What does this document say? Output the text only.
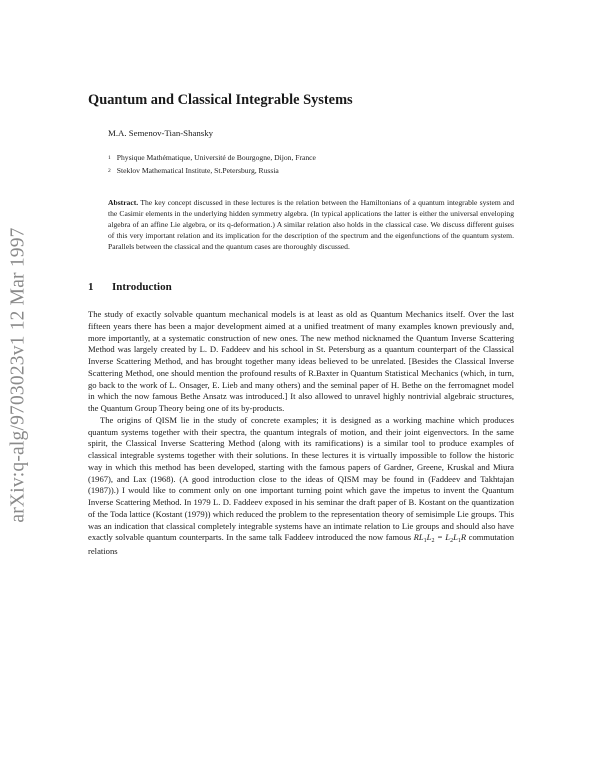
arXiv:q-alg/9703023v1 12 Mar 1997
Quantum and Classical Integrable Systems
M.A. Semenov-Tian-Shansky
$^1$ Physique Mathématique, Université de Bourgogne, Dijon, France
$^2$ Steklov Mathematical Institute, St.Petersburg, Russia

Abstract. The key concept discussed in these lectures is the relation between the Hamiltonians of a quantum integrable system and the Casimir elements in the underlying hidden symmetry algebra. (In typical applications the latter is either the universal enveloping algebra of an affine Lie algebra, or its q-deformation.) A similar relation also holds in the classical case. We discuss different guises of this very important relation and its implication for the description of the spectrum and the eigenfunctions of the quantum system. Parallels between the classical and the quantum cases are thoroughly discussed.

1 Introduction

The study of exactly solvable quantum mechanical models is at least as old as Quantum Mechanics itself. Over the last fifteen years there has been a major development aimed at a unified treatment of many examples known previously and, more importantly, at a systematic construction of new ones. The new method nicknamed the Quantum Inverse Scattering Method was largely created by L. D. Faddeev and his school in St. Petersburg as a quantum counterpart of the Classical Inverse Scattering Method, and has brought together many ideas believed to be unrelated. [Besides the Classical Inverse Scattering Method, one should mention the profound results of R.Baxter in Quantum Statistical Mechanics (which, in turn, go back to the work of L. Onsager, E. Lieb and many others) and the seminal paper of H. Bethe on the ferromagnet model in which the now famous Bethe Ansatz was introduced.] It also allowed to unravel highly nontrivial algebraic structures, the Quantum Group Theory being one of its by-products.

The origins of QISM lie in the study of concrete examples; it is designed as a working machine which produces quantum systems together with their spectra, the quantum integrals of motion, and their joint eigenvectors. In the same spirit, the Classical Inverse Scattering Method (along with its ramifications) is a similar tool to produce examples of classical integrable systems together with their solutions. In these lectures it is virtually impossible to follow the historic way in which this method has been developed, starting with the famous papers of Gardner, Greene, Kruskal and Miura (1967), and Lax (1968). (A good introduction close to the ideas of QISM may be found in (Faddeev and Takhtajan (1987)).) I would like to comment only on one important turning point which gave the impetus to invent the Quantum Inverse Scattering Method. In 1979 L. D. Faddeev exposed in his seminar the draft paper of B. Kostant on the quantization of the Toda lattice (Kostant (1979)) which reduced the problem to the representation theory of semisimple Lie groups. This was an indication that classical completely integrable systems have an intimate relation to Lie groups and should also have exactly solvable quantum counterparts. In the same talk Faddeev introduced the now famous $RL_1L_2 = L_2L_1R$ commutation relations
